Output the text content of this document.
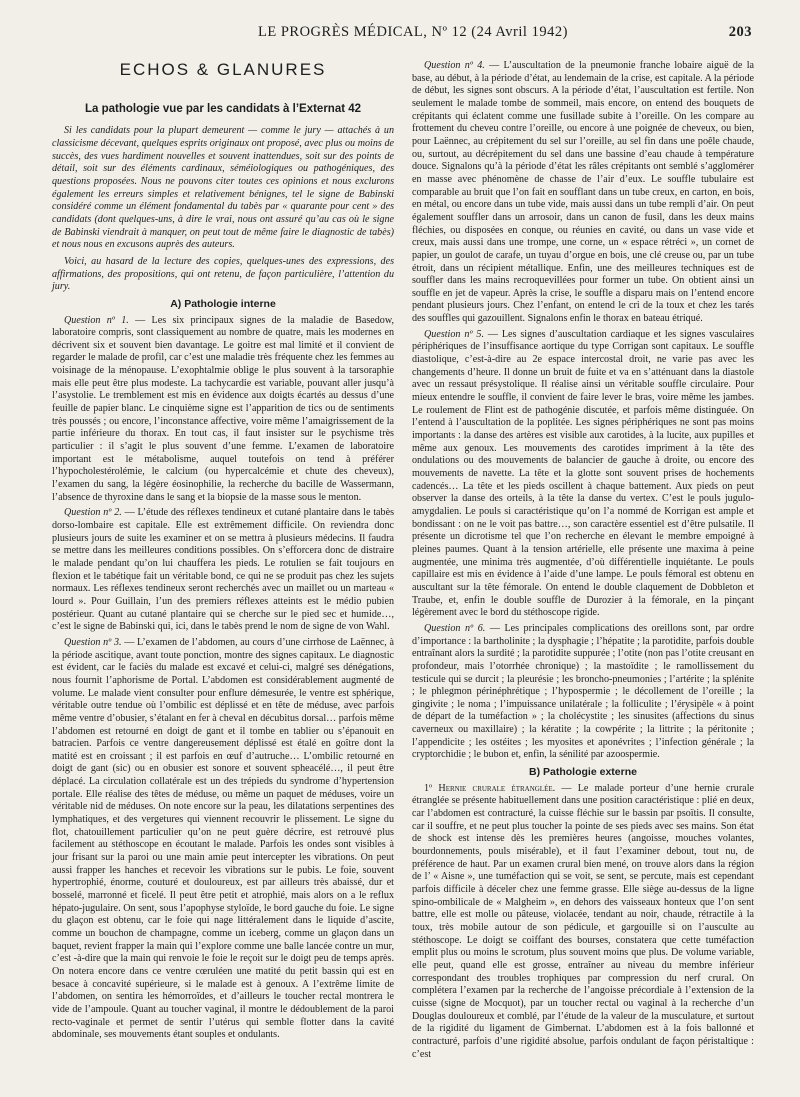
LE PROGRÈS MÉDICAL, Nº 12 (24 Avril 1942)	203
ECHOS & GLANURES
La pathologie vue par les candidats à l’Externat 42

Si les candidats pour la plupart demeurent — comme le jury — attachés à un classicisme décevant, quelques esprits originaux ont proposé, avec plus ou moins de succès, des vues hardiment nouvelles et souvent inattendues, soit sur des points de détail, soit sur des éléments cardinaux, séméiologiques ou pathogéniques, des questions proposées. Nous ne pouvons citer toutes ces opinions et nous exclurons également les erreurs simples et relativement bénignes, tel le signe de Babinski considéré comme un élément fondamental du tabès par « quarante pour cent » des candidats (dont quelques-uns, à dire le vrai, nous ont assuré qu’au cas où le signe de Babinski viendrait à manquer, on peut tout de même faire le diagnostic de tabès) et nous nous en excusons auprès des auteurs.

Voici, au hasard de la lecture des copies, quelques-unes des expressions, des affirmations, des propositions, qui ont retenu, de façon particulière, l’attention du jury.

A) Pathologie interne

Question nº 1. — Les six principaux signes de la maladie de Basedow, laboratoire compris, sont classiquement au nombre de quatre, mais les modernes en décrivent six et souvent bien davantage. Le goitre est mal limité et il convient de regarder le malade de profil, car c’est une maladie très fréquente chez les femmes au voisinage de la ménopause. L’exophtalmie oblige le plus souvent à la tarsoraphie mais elle peut être plus modeste. La tachycardie est variable, pouvant aller jusqu’à l’asystolie. Le tremblement est mis en évidence aux doigts écartés au dessus d’une feuille de papier blanc. Le cinquième signe est l’apparition de tics ou de sentiments très poussés ; ou encore, l’inconstance affective, voire même l’amaigrissement de la partie inférieure du thorax. En tout cas, il faut insister sur le psychisme très particulier : il s’agit le plus souvent d’une femme. L’examen de laboratoire important est le métabolisme, auquel toutefois on tend à préférer l’hypocholestérolémie, le calcium (ou hypercalcémie et chute des cheveux), l’examen du sang, la légère éosinophilie, la recherche du bacille de Wassermann, l’absence de thyroxine dans le sang et la biopsie de la masse sous le menton.

Question nº 2. — L’étude des réflexes tendineux et cutané plantaire dans le tabès dorso-lombaire est capitale. Elle est extrêmement difficile. On reviendra donc plusieurs jours de suite les examiner et on se mettra à plusieurs médecins. Il faudra se mettre dans les meilleures conditions possibles. On s’efforcera donc de distraire le malade pendant qu’on lui chauffera les pieds. Le rotulien se fait toujours en flexion et le tabétique fait un véritable bond, ce qui ne se produit pas chez les sujets normaux. Les réflexes tendineux seront recherchés avec un maillet ou un marteau « lourd ». Pour Guillain, l’un des premiers réflexes atteints est le médio pubien postérieur. Quant au cutané plantaire qui se cherche sur le pied sec et humide…, c’est le signe de Babinski qui, ici, dans le tabès prend le nom de signe de von Wahl.

Question nº 3. — L’examen de l’abdomen, au cours d’une cirrhose de Laënnec, à la période ascitique, avant toute ponction, montre des signes capitaux. Le diagnostic est évident, car le faciès du malade est excavé et celui-ci, malgré ses dénégations, nous fournit l’aphorisme de Portal. L’abdomen est considérablement augmenté de volume. Le malade vient consulter pour enflure démesurée, le ventre est sphérique, véritable outre tendue où l’ombilic est déplissé et en tête de méduse, avec parfois même ventre d’obusier, s’étalant en fer à cheval en décubitus dorsal… parfois même l’abdomen est retourné en doigt de gant et il tombe en tablier ou s’épanouit en batracien. Parfois ce ventre dangereusement déplissé est étalé en goître dont la matité est en croissant ; il est parfois en œuf d’autruche… L’ombilic retourné en doigt de gant (sic) ou en obusier est sonore et souvent spheacélé…, il peut être déplacé. La circulation collatérale est un des trépieds du syndrome d’hypertension portale. Elle réalise des têtes de méduse, ou même un paquet de méduses, voire un véritable nid de méduses. On note encore sur la peau, les dilatations serpentines des lymphatiques, et des vergetures qui viennent recouvrir le plissement. Le signe du flot, chatouillement particulier qu’on ne peut guère décrire, est retrouvé plus facilement au stéthoscope en écoutant le malade. Parfois les ondes sont visibles à jour frisant sur la paroi ou une main amie peut intercepter les vibrations. On peut aussi frapper les hanches et recevoir les vibrations sur le pubis. Le foie, souvent hypertrophié, énorme, couturé et douloureux, est par ailleurs très abaissé, dur et bosselé, marronné et ficelé. Il peut être petit et atrophié, mais alors on a le reflux hépato-jugulaire. On sent, sous l’apophyse styloïde, le bord gauche du foie. Le signe du glaçon est obtenu, car le foie qui nage littéralement dans le liquide d’ascite, comme un bouchon de champagne, comme un iceberg, comme un glaçon dans un baquet, revient frapper la main qui l’explore comme une balle lancée contre un mur, c’est -à-dire que la main qui renvoie le foie le reçoit sur le doigt peu de temps après. On notera encore dans ce ventre cœruléen une matité du petit bassin qui est en besace à concavité supérieure, si le malade est à genoux. A l’extrême limite de l’abdomen, on sentira les hémorroïdes, et d’ailleurs le toucher rectal montrera le vide de l’ampoule. Quant au toucher vaginal, il montre le dédoublement de la paroi recto-vaginale et permet de sentir l’utérus qui semble flotter dans la cavité abdominale, ses mouvements étant souples et ondulants.

Question nº 4. — L’auscultation de la pneumonie franche lobaire aiguë de la base, au début, à la période d’état, au lendemain de la crise, est capitale. A la période de début, les signes sont obscurs. A la période d’état, l’auscultation est fertile. Non seulement le malade tombe de sommeil, mais encore, on entend des bouquets de crépitants qui éclatent comme une fusillade subite à l’oreille. On les compare au frottement du cheveu contre l’oreille, ou encore à une poignée de cheveux, ou bien, pour Laënnec, au crépitement du sel sur l’oreille, au sel fin dans une poêle chaude, ou, surtout, au décrépitement du sel dans une bassine d’eau chaude à température douce. Signalons qu’à la période d’état les râles crépitants ont semblé s’agglomérer en masse avec phénomène de chasse de l’air d’eux. Le souffle tubulaire est comparable au bruit que l’on fait en soufflant dans un tube creux, en carton, en bois, en métal, ou encore dans un tube vide, mais aussi dans un tube rempli d’air. On peut également souffler dans un arrosoir, dans un canon de fusil, dans les deux mains fléchies, ou disposées en conque, ou réunies en cavité, ou dans un vase vide et creux, mais aussi dans une trompe, une corne, un « espace rétréci », un cornet de papier, un goulot de carafe, un tuyau d’orgue en bois, une clé creuse ou, par un tube étroit, dans un récipient métallique. Enfin, une des meilleures techniques est de souffler dans les mains recroquevillées pour former un tube. On obtient ainsi un souffle en jet de vapeur. Après la crise, le souffle a disparu mais on l’entend encore pendant plusieurs jours. Chez l’enfant, on entend le cri de la toux et chez les tarés des souffles qui gazouillent. Signalons enfin le thorax en bateau étriqué.

Question nº 5. — Les signes d’auscultation cardiaque et les signes vasculaires périphériques de l’insuffisance aortique du type Corrigan sont capitaux. Le souffle diastolique, c’est-à-dire au 2e espace intercostal droit, ne varie pas avec les changements d’heure. Il donne un bruit de fuite et va en s’atténuant dans la diastole avec un ressaut présystolique. Il réalise ainsi un véritable souffle circulaire. Pour mieux entendre le souffle, il convient de faire lever le bras, voire même les jambes. Le roulement de Flint est de pathogénie discutée, et parfois même distinguée. On l’entend à l’auscultation de la poplitée. Les signes périphériques ne sont pas moins importants : la danse des artères est visible aux carotides, à la lucite, aux pupilles et même aux genoux. Les mouvements des carotides impriment à la tête des ondulations ou des mouvements de balancier de gauche à droite, ou encore des mouvements de navette. La tête et la glotte sont souvent prises de hochements cadencés… La tête et les pieds oscillent à chaque battement. Aux pieds on peut observer la danse des orteils, à la tête la danse du vertex. C’est le pouls jugulo-amygdalien. Le pouls si caractéristique qu’on l’a nommé de Korrigan est ample et bondissant : on ne le voit pas battre…, son caractère essentiel est d’être pulsatile. Il présente un dicrotisme tel que l’on recherche en élevant le membre empoigné à pleines paumes. Quant à la tension artérielle, elle présente une maxima à peine augmentée, une minima très augmentée, d’où différentielle inquiétante. Le pouls capillaire est mis en évidence à l’aide d’une lampe. Le pouls fémoral est obtenu en auscultant sur la tête fémorale. On entend le double claquement de Dobbleton et Traube, et, enfin le double souffle de Durozier à la fémorale, en la pinçant légèrement avec le bord du stéthoscope rigide.

Question nº 6. — Les principales complications des oreillons sont, par ordre d’importance : la bartholinite ; la dysphagie ; l’hépatite ; la parotidite, parfois double entraînant alors la surdité ; la parotidite suppurée ; l’otite (non pas l’otite creusant en profondeur, mais l’otorrhée chronique) ; la mastoïdite ; le ramollissement du testicule qui se durcit ; la pleurésie ; les broncho-pneumonies ; l’artérite ; la splénite ; le phlegmon périnéphrétique ; l’hypospermie ; le décollement de l’oreille ; la gingivite ; le noma ; l’impuissance unilatérale ; la folliculite ; l’érysipèle « à point de départ de la tuméfaction » ; la cholécystite ; les sinusites (affections du sinus caverneux ou maxillaire) ; la kératite ; la cowpérite ; la littrite ; la péritonite ; l’appendicite ; les ostéites ; les myosites et aponévrites ; l’infection générale ; la cryptorchidie ; le bubon et, enfin, la sénilité par azoospermie.

B) Pathologie externe

1º Hernie crurale étranglée. — Le malade porteur d’une hernie crurale étranglée se présente habituellement dans une position caractéristique : plié en deux, car l’abdomen est contracturé, la cuisse fléchie sur le bassin par psoïtis. Il consulte, car il souffre, et ne peut plus toucher la pointe de ses pieds avec ses mains. Son état de shock est intense dès les premières heures (angoisse, mouches volantes, bourdonnements, pouls misérable), et il faut l’examiner debout, tout nu, de préférence de haut. Par un examen crural bien mené, on trouve alors dans la région de l’ « Aisne », une tuméfaction qui se voit, se sent, se percute, mais est cependant parfois difficile à déceler chez une femme grasse. Elle siège au-dessus de la ligne spino-ombilicale de « Malgheim », en dehors des vaisseaux honteux que l’on sent battre, elle est molle ou pâteuse, violacée, tendant au noir, chaude, rétractile à la toux, très mobile autour de son pédicule, et gargouille si on l’ausculte au stéthoscope. Le doigt se coiffant des bourses, constatera que cette tuméfaction emplit plus ou moins le scrotum, plus souvent moins que plus. De volume variable, elle peut, quand elle est grosse, entraîner au niveau du membre inférieur correspondant des troubles trophiques par compression du nerf crural. On complétera l’examen par la recherche de l’angoisse précordiale à l’extension de la cuisse (signe de Mocquot), par un toucher rectal ou vaginal à la recherche d’un Douglas douloureux et comblé, par l’étude de la valeur de la musculature, et surtout de la rigidité du ligament de Gimbernat. L’abdomen est à la fois ballonné et contracturé, parfois d’une rigidité absolue, parfois ondulant de façon péristaltique : c’est
